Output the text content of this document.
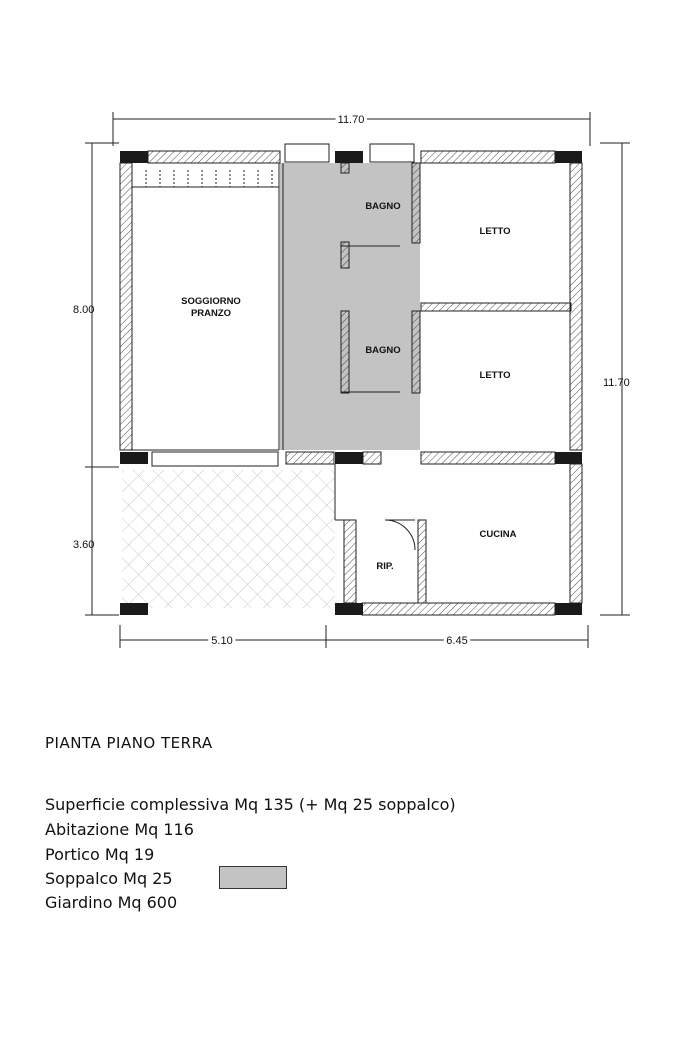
11.70
8.00
3.60
11.70
5.10	6.45
SOGGIORNO
PRANZO
BAGNO
BAGNO
LETTO
LETTO
CUCINA
RIP.
PIANTA PIANO TERRA
Superficie complessiva Mq 135 (+ Mq 25 soppalco)
Abitazione Mq 116
Portico Mq 19
Soppalco Mq 25
Giardino Mq 600
